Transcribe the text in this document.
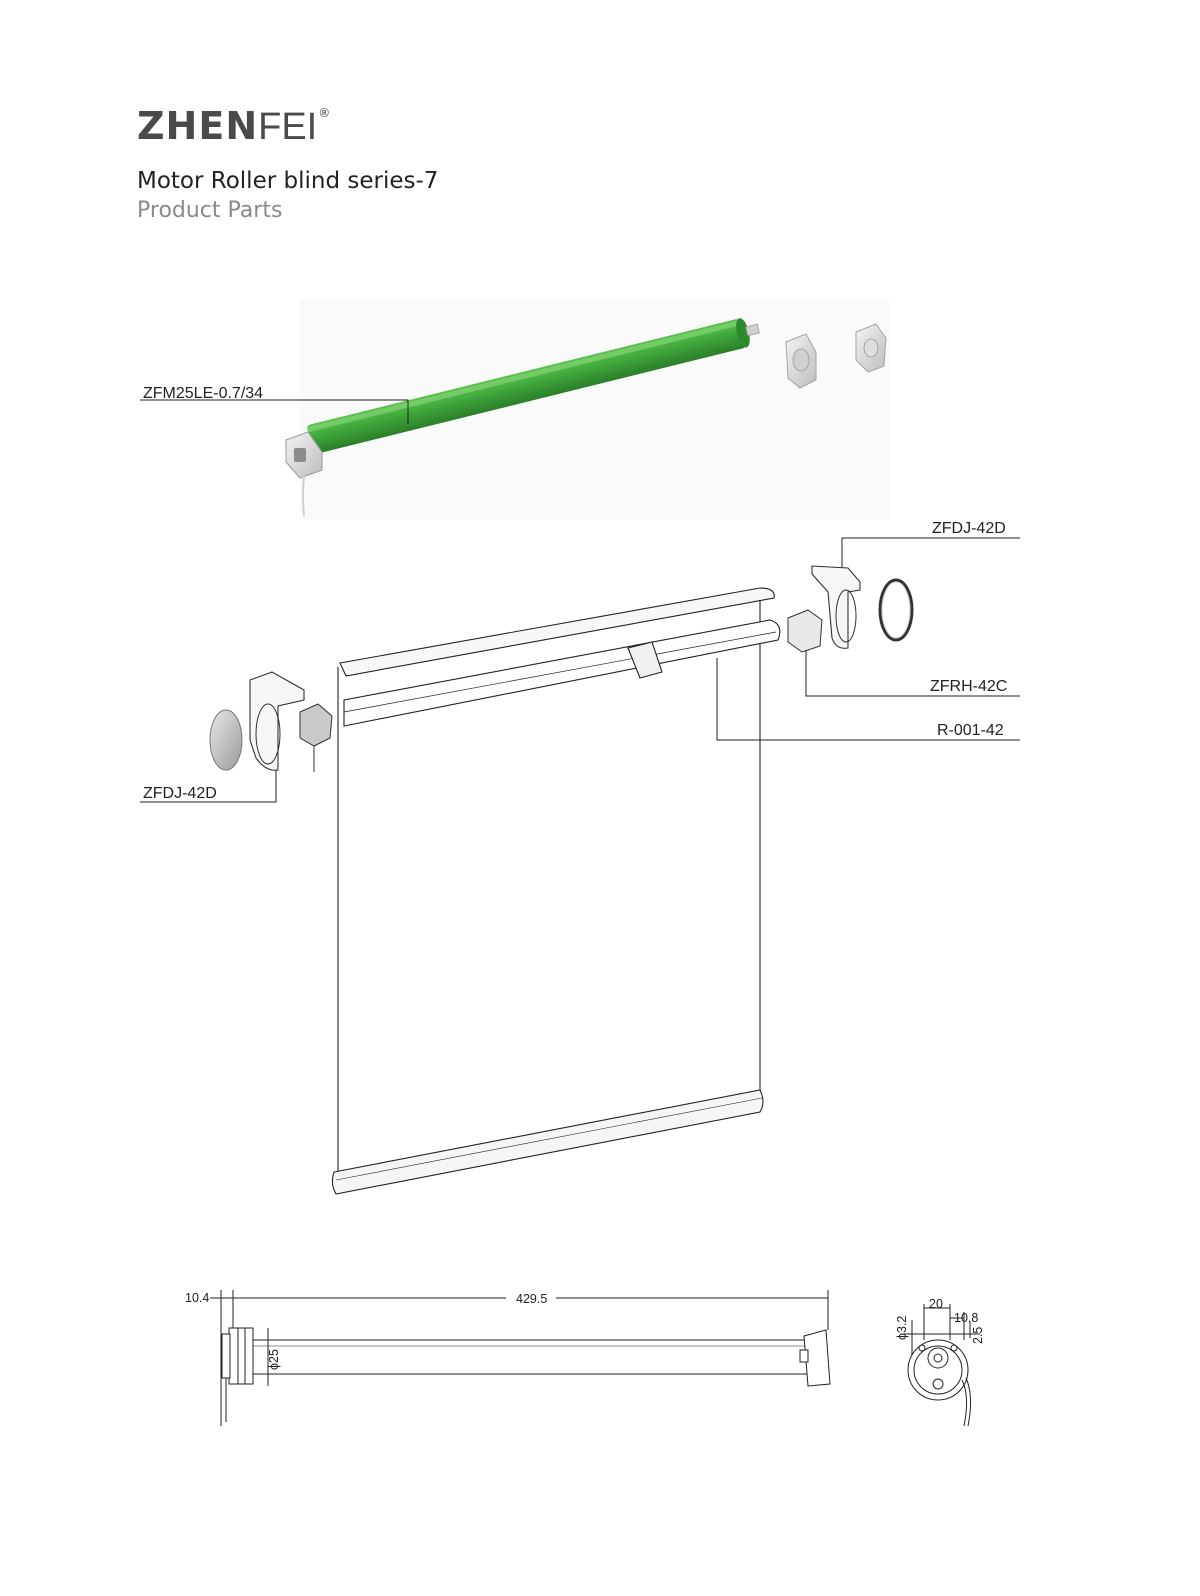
ZHENFEI®
Motor Roller blind series-7
Product Parts
ZFM25LE-0.7/34
ZFDJ-42D
ZFDJ-42D
ZFRH-42C
R-001-42
10.4	429.5
ϕ25
20
10.8
ϕ3.2	2.5
